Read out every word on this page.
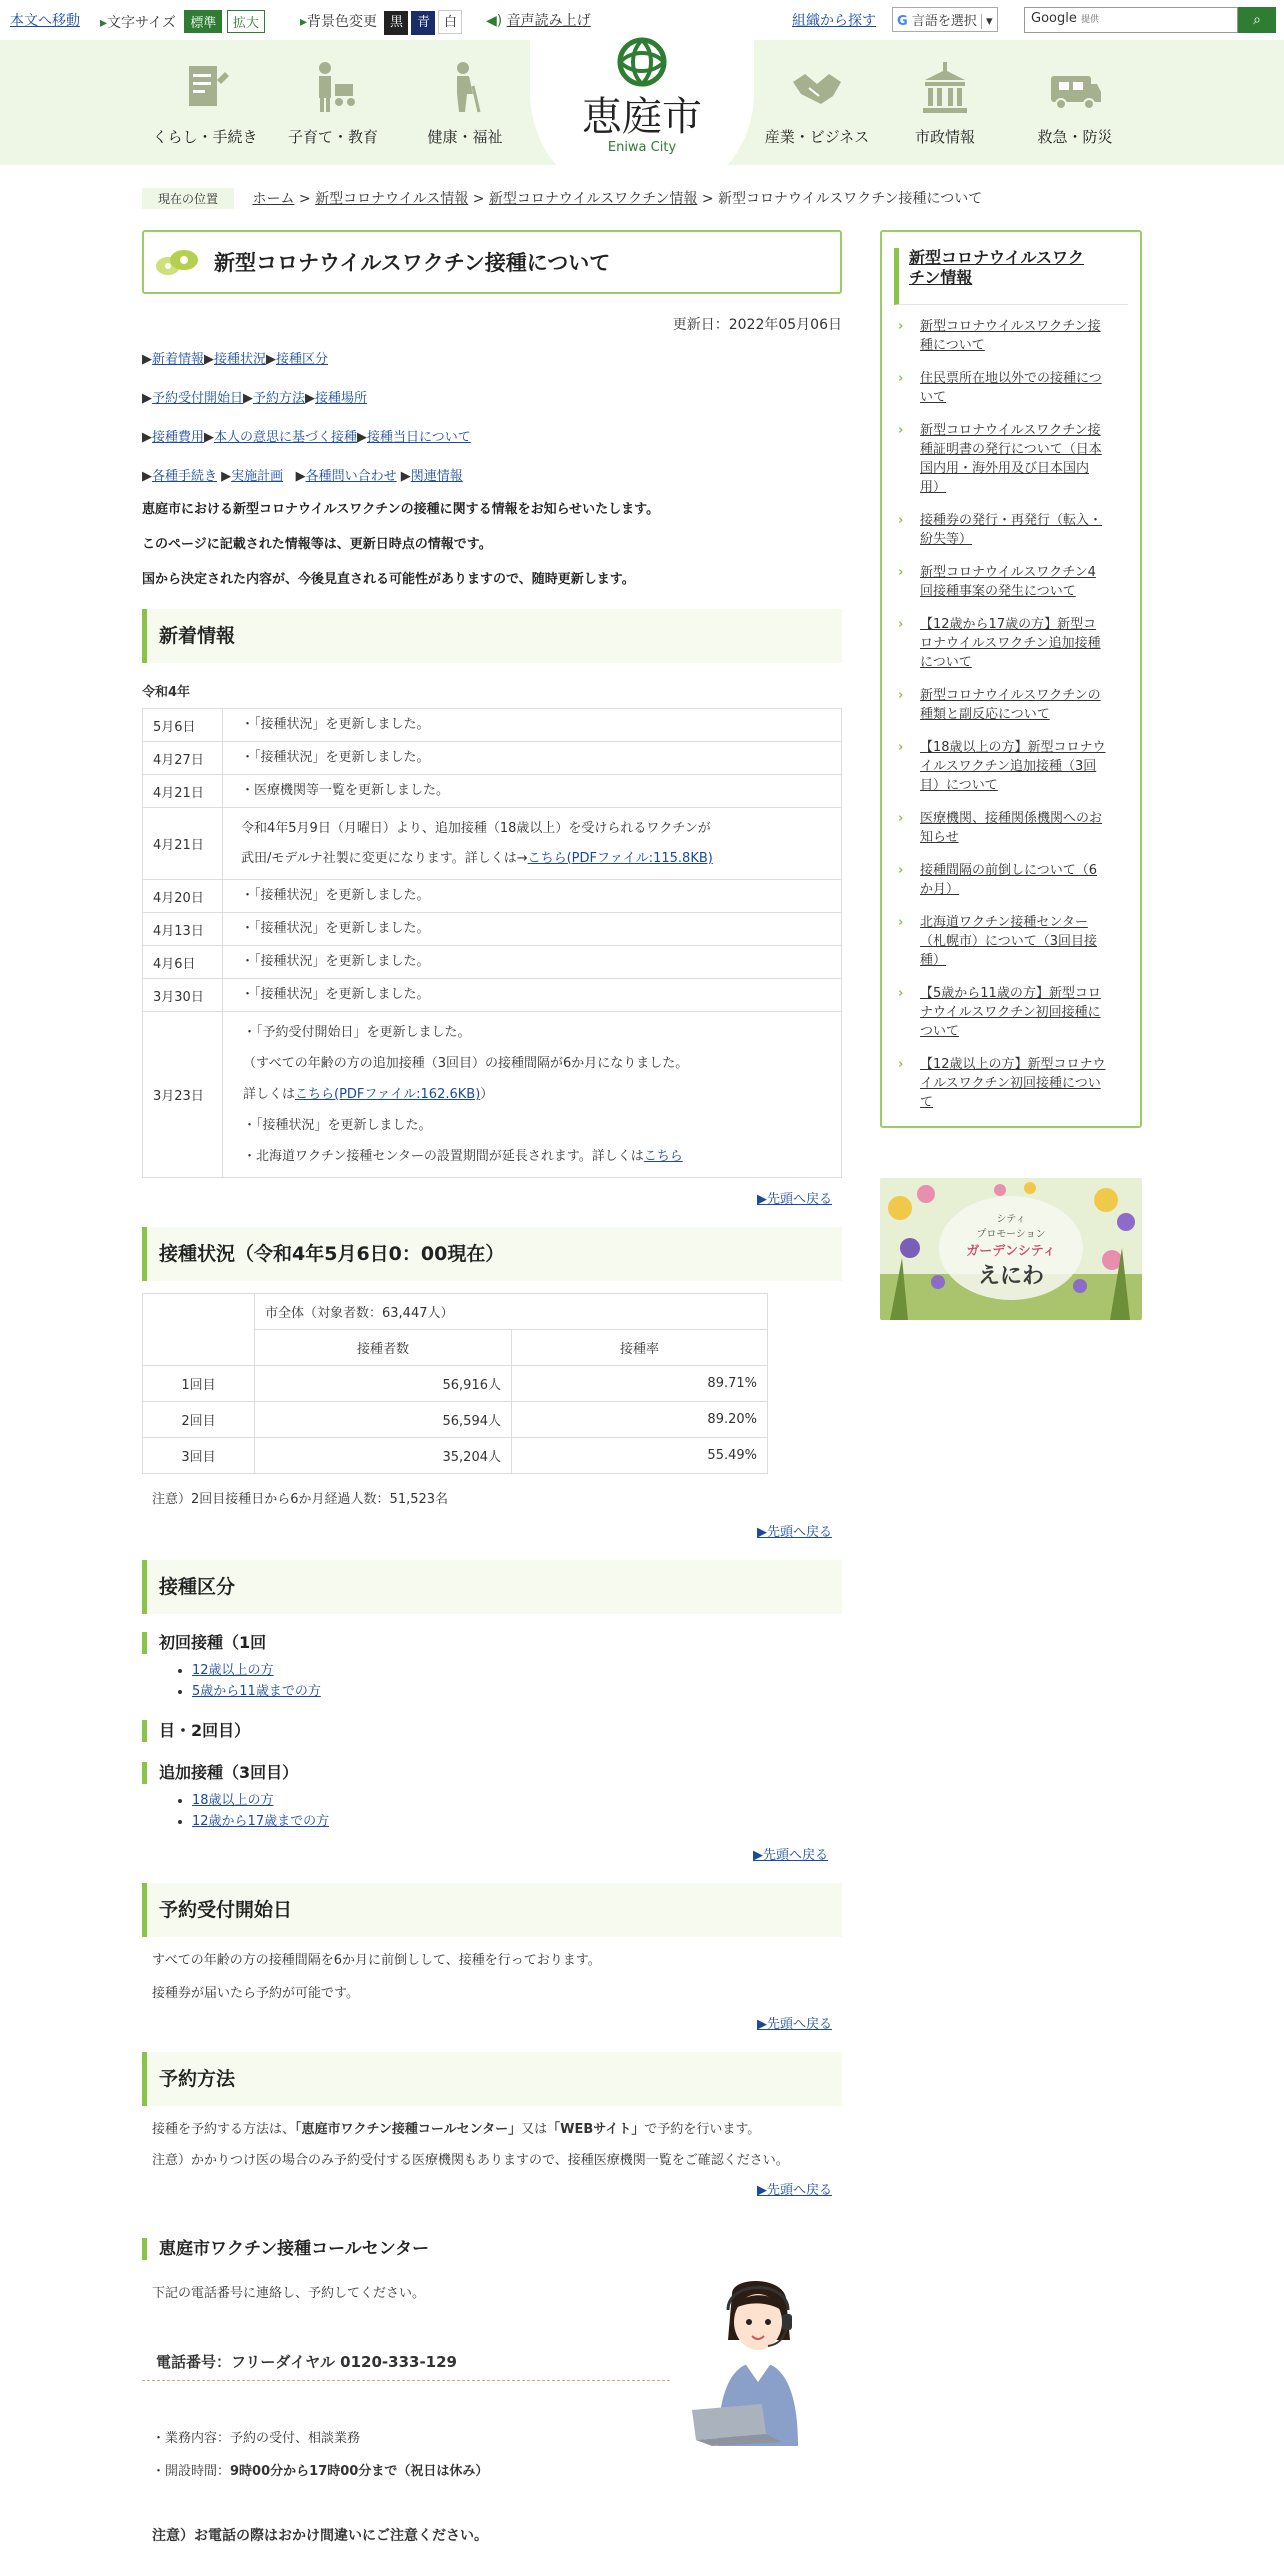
本文へ移動 ▸文字サイズ 標準 拡大	▸背景色変更 黒 青 白	◀) 音声読み上げ	組織から探す	G 言語を選択 ▾	Google 提供	⌕
くらし・手続き	子育て・教育	健康・福祉	恵庭市
Eniwa City
産業・ビジネス	市政情報	救急・防災
現在の位置 ホーム > 新型コロナウイルス情報 > 新型コロナウイルスワクチン情報 > 新型コロナウイルスワクチン接種について
新型コロナウイルスワクチン接種について
更新日：2022年05月06日

▶新着情報▶接種状況▶接種区分

▶予約受付開始日▶予約方法▶接種場所

▶接種費用▶本人の意思に基づく接種▶接種当日について

▶各種手続き ▶実施計画   ▶各種問い合わせ ▶関連情報

恵庭市における新型コロナウイルスワクチンの接種に関する情報をお知らせいたします。

このページに記載された情報等は、更新日時点の情報です。

国から決定された内容が、今後見直される可能性がありますので、随時更新します。

新着情報
令和4年
5月6日	・「接種状況」を更新しました。
4月27日	・「接種状況」を更新しました。
4月21日	・医療機関等一覧を更新しました。
4月21日	令和4年5月9日（月曜日）より、追加接種（18歳以上）を受けられるワクチンが
武田/モデルナ社製に変更になります。詳しくは→こちら(PDFファイル:115.8KB)

4月20日	・「接種状況」を更新しました。
4月13日	・「接種状況」を更新しました。
4月6日	・「接種状況」を更新しました。
3月30日	・「接種状況」を更新しました。
3月23日	・「予約受付開始日」を更新しました。
（すべての年齢の方の追加接種（3回目）の接種間隔が6か月になりました。
詳しくはこちら(PDFファイル:162.6KB)）
・「接種状況」を更新しました。
・北海道ワクチン接種センターの設置期間が延長されます。詳しくはこちら
▶先頭へ戻る
接種状況（令和4年5月6日0：00現在）
	市全体（対象者数：63,447人）	
	接種者数	接種率
1回目	56,916人	89.71%
2回目	56,594人	89.20%
3回目	35,204人	55.49%
注意）2回目接種日から6か月経過人数：51,523名
▶先頭へ戻る
接種区分
初回接種（1回
• 12歳以上の方
• 5歳から11歳までの方
目・2回目）
追加接種（3回目）
• 18歳以上の方
• 12歳から17歳までの方
▶先頭へ戻る
予約受付開始日
すべての年齢の方の接種間隔を6か月に前倒しして、接種を行っております。
接種券が届いたら予約が可能です。
▶先頭へ戻る
予約方法
接種を予約する方法は、「恵庭市ワクチン接種コールセンター」又は「WEBサイト」で予約を行います。
注意）かかりつけ医の場合のみ予約受付する医療機関もありますので、接種医療機関一覧をご確認ください。
▶先頭へ戻る
恵庭市ワクチン接種コールセンター
下記の電話番号に連絡し、予約してください。
電話番号：フリーダイヤル 0120-333-129
・業務内容：予約の受付、相談業務
・開設時間：9時00分から17時00分まで（祝日は休み）
注意）お電話の際はおかけ間違いにご注意ください。
新型コロナウイルスワク
チン情報
› 新型コロナウイルスワクチン接
種について
› 住民票所在地以外での接種につ
いて
› 新型コロナウイルスワクチン接
種証明書の発行について（日本
国内用・海外用及び日本国内
用）
› 接種券の発行・再発行（転入・
紛失等）
› 新型コロナウイルスワクチン4
回接種事案の発生について
› 【12歳から17歳の方】新型コ
ロナウイルスワクチン追加接種
について
› 新型コロナウイルスワクチンの
種類と副反応について
› 【18歳以上の方】新型コロナウ
イルスワクチン追加接種（3回
目）について
› 医療機関、接種関係機関へのお
知らせ
› 接種間隔の前倒しについて（6
か月）
› 北海道ワクチン接種センター
（札幌市）について（3回目接
種）
› 【5歳から11歳の方】新型コロ
ナウイルスワクチン初回接種に
ついて
› 【12歳以上の方】新型コロナウ
イルスワクチン初回接種につい
て
シティ
プロモーション
ガーデンシティ
えにわ
